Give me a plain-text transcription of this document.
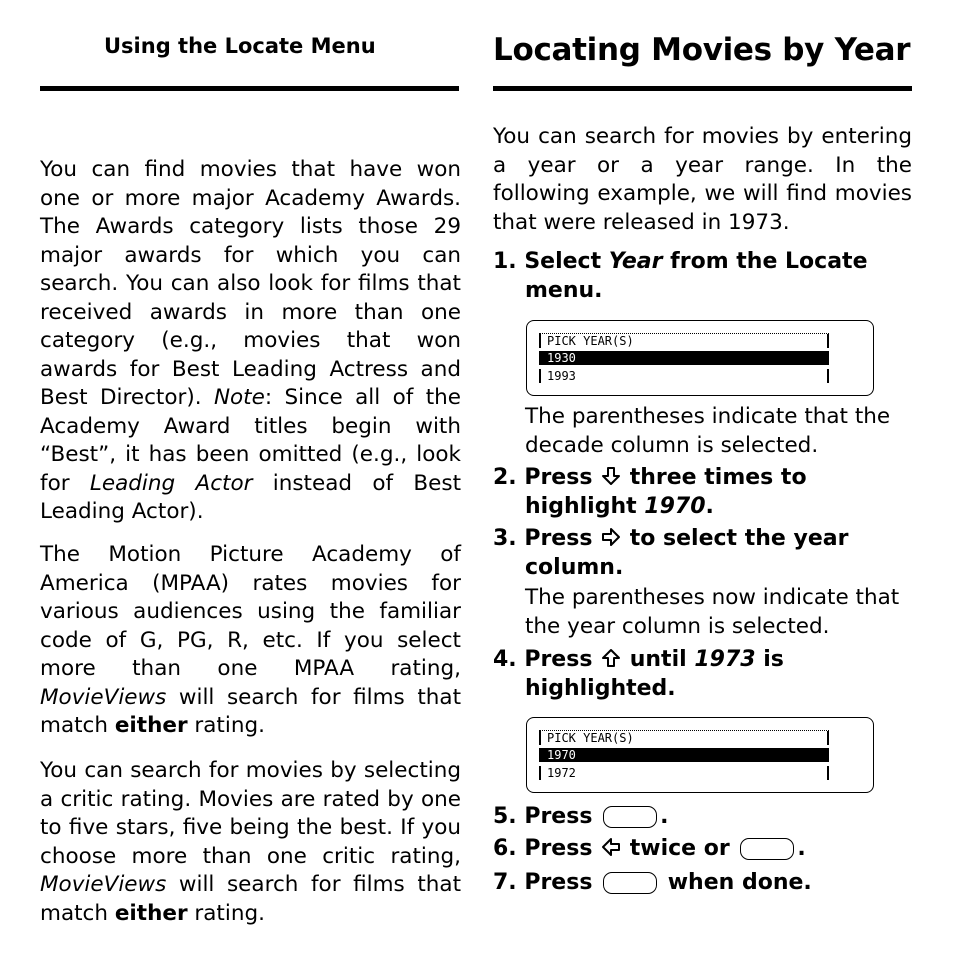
Using the Locate Menu
You can find movies that have won one or more major Academy Awards. The Awards category lists those 29 major awards for which you can search. You can also look for films that received awards in more than one category (e.g., movies that won awards for Best Leading Actress and Best Director). Note: Since all of the Academy Award titles begin with “Best”, it has been omitted (e.g., look for Leading Actor instead of Best Leading Actor).
The Motion Picture Academy of America (MPAA) rates movies for various audiences using the familiar code of G, PG, R, etc. If you select more than one MPAA rating, MovieViews will search for films that match either rating.
You can search for movies by selecting a critic rating. Movies are rated by one to five stars, five being the best. If you choose more than one critic rating, MovieViews will search for films that match either rating.
Locating Movies by Year
You can search for movies by entering a year or a year range. In the following example, we will find movies that were released in 1973.
1. Select Year from the Locate menu.
PICK YEAR(S)
1930
1993
The parentheses indicate that the decade column is selected.
2. Press  three times to highlight 1970.
3. Press  to select the year column.
The parentheses now indicate that the year column is selected.
4. Press  until 1973 is highlighted.
PICK YEAR(S)
1970
1972
5. Press	.
6. Press  twice or	.
7. Press	when done.
